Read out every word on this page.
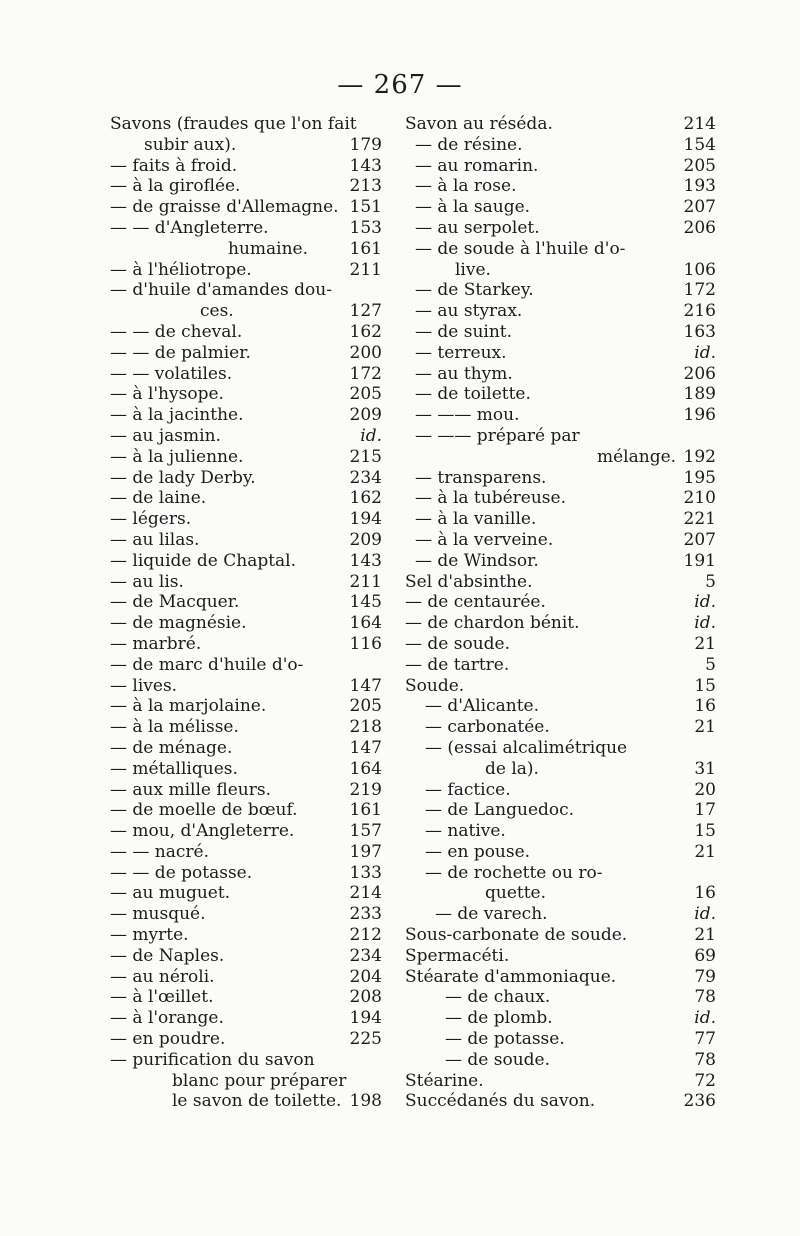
— 267 —
Savons (fraudes que l'on fait
subir aux).	179
— faits à froid.	143
— à la giroflée.	213
— de graisse d'Allemagne. 151
— — d'Angleterre.	153
humaine. 161
— à l'héliotrope.	211
— d'huile d'amandes dou-
ces.	127
— — de cheval.	162
— — de palmier.	200
— — volatiles.	172
— à l'hysope.	205
— à la jacinthe.	209
— au jasmin.	id.
— à la julienne.	215
— de lady Derby.	234
— de laine.	162
— légers.	194
— au lilas.	209
— liquide de Chaptal.	143
— au lis.	211
— de Macquer.	145
— de magnésie.	164
— marbré.	116
— de marc d'huile d'o-
— lives.	147
— à la marjolaine.	205
— à la mélisse.	218
— de ménage.	147
— métalliques.	164
— aux mille fleurs.	219
— de moelle de bœuf.	161
— mou, d'Angleterre.	157
— — nacré.	197
— — de potasse.	133
— au muguet.	214
— musqué.	233
— myrte.	212
— de Naples.	234
— au néroli.	204
— à l'œillet.	208
— à l'orange.	194
— en poudre.	225
— purification du savon
blanc pour préparer
le savon de toilette. 198
Savon au réséda.	214
— de résine.	154
— au romarin.	205
— à la rose.	193
— à la sauge.	207
— au serpolet.	206
— de soude à l'huile d'o-
live.	106
— de Starkey.	172
— au styrax.	216
— de suint.	163
— terreux.	id.
— au thym.	206
— de toilette.	189
— —— mou.	196
— —— préparé par
mélange. 192
— transparens.	195
— à la tubéreuse.	210
— à la vanille.	221
— à la verveine.	207
— de Windsor.	191
Sel d'absinthe.	5
— de centaurée.	id.
— de chardon bénit.	id.
— de soude.	21
— de tartre.	5
Soude.	15
— d'Alicante.	16
— carbonatée.	21
— (essai alcalimétrique
de la).	31
— factice.	20
— de Languedoc.	17
— native.	15
— en pouse.	21
— de rochette ou ro-
quette.	16
— de varech.	id.
Sous-carbonate de soude.	21
Spermacéti.	69
Stéarate d'ammoniaque.	79
— de chaux.	78
— de plomb.	id.
— de potasse.	77
— de soude.	78
Stéarine.	72
Succédanés du savon.	236
